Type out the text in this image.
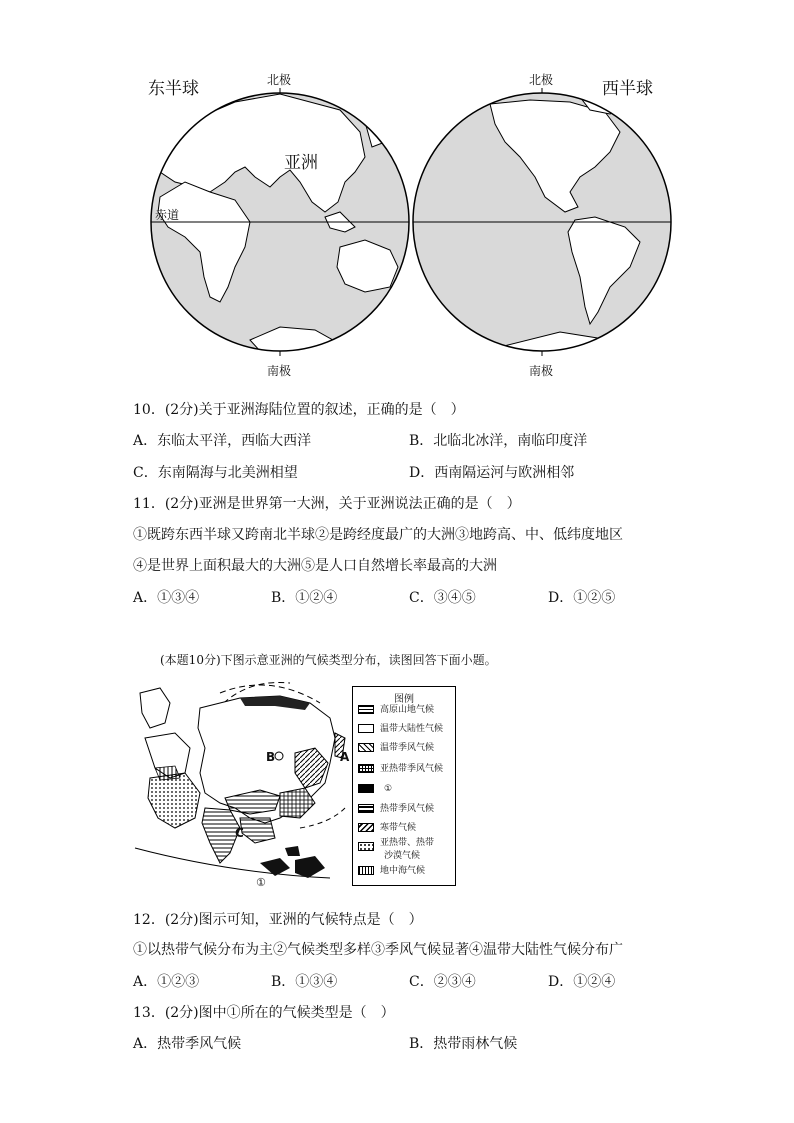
东半球	西半球
北极	北极
南极	南极
赤道
亚洲
10．(2分)关于亚洲海陆位置的叙述，正确的是（　）
A．东临太平洋，西临大西洋	B．北临北冰洋，南临印度洋
C．东南隔海与北美洲相望	D．西南隔运河与欧洲相邻
11．(2分)亚洲是世界第一大洲，关于亚洲说法正确的是（　）
①既跨东西半球又跨南北半球②是跨经度最广的大洲③地跨高、中、低纬度地区
④是世界上面积最大的大洲⑤是人口自然增长率最高的大洲
A．①③④	B．①②④	C．③④⑤	D．①②⑤
(本题10分)下图示意亚洲的气候类型分布，读图回答下面小题。
图例
高原山地气候
温带大陆性气候
温带季风气候
亚热带季风气候
①
热带季风气候
寒带气候
亚热带、热带
沙漠气候
地中海气候
A
B
C
①
12．(2分)图示可知，亚洲的气候特点是（　）
①以热带气候分布为主②气候类型多样③季风气候显著④温带大陆性气候分布广
A．①②③	B．①③④	C．②③④	D．①②④
13．(2分)图中①所在的气候类型是（　）
A．热带季风气候	B．热带雨林气候
